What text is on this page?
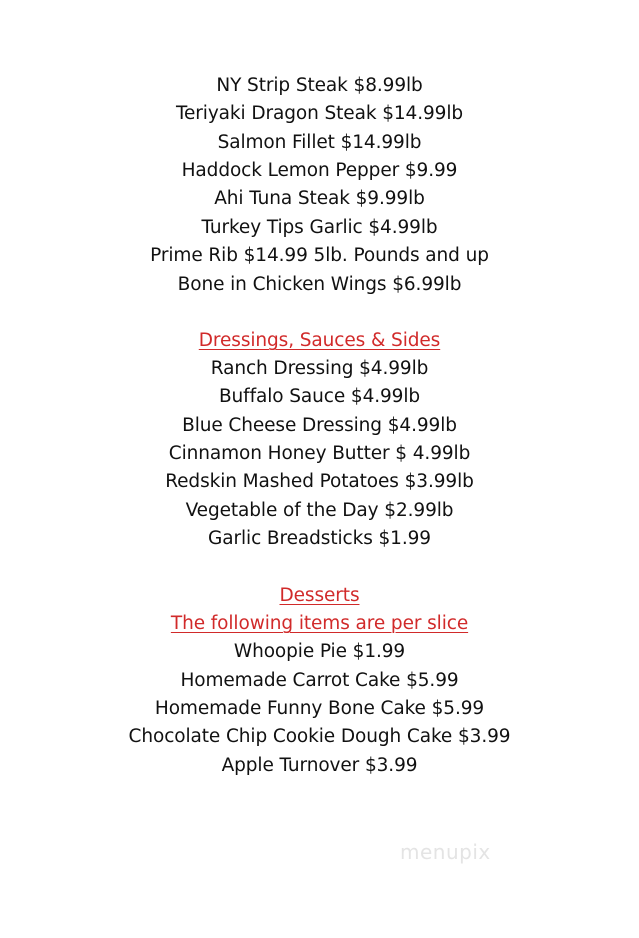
NY Strip Steak $8.99lb
Teriyaki Dragon Steak $14.99lb
Salmon Fillet $14.99lb
Haddock Lemon Pepper $9.99
Ahi Tuna Steak $9.99lb
Turkey Tips Garlic $4.99lb
Prime Rib $14.99 5lb. Pounds and up
Bone in Chicken Wings $6.99lb
Dressings, Sauces & Sides
Ranch Dressing $4.99lb
Buffalo Sauce $4.99lb
Blue Cheese Dressing $4.99lb
Cinnamon Honey Butter $ 4.99lb
Redskin Mashed Potatoes $3.99lb
Vegetable of the Day $2.99lb
Garlic Breadsticks $1.99
Desserts
The following items are per slice
Whoopie Pie $1.99
Homemade Carrot Cake $5.99
Homemade Funny Bone Cake $5.99
Chocolate Chip Cookie Dough Cake $3.99
Apple Turnover $3.99
menupix
